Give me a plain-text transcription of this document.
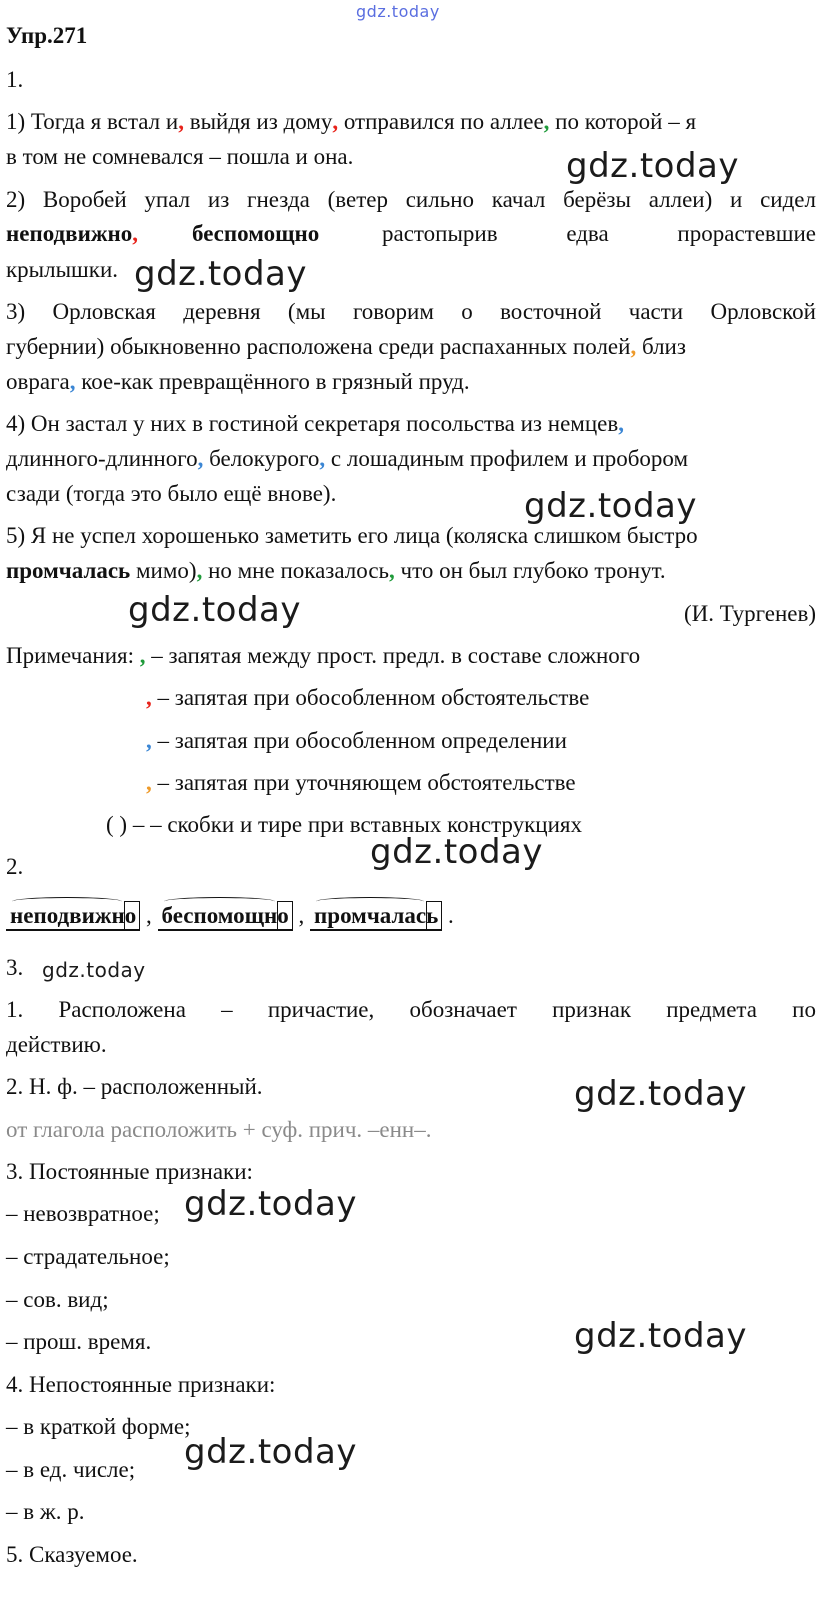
gdz.today
Упр.271
1.
1) Тогда я встал и, выйдя из дому, отправился по аллее, по которой – я
в том не сомневался – пошла и она.	gdz.today
2) Воробей упал из гнезда (ветер сильно качал берёзы аллеи) и сидел
неподвижно, беспомощно	растопырив едва прорастевшие
крылышки. gdz.today
3) Орловская деревня (мы говорим о восточной части Орловской
губернии) обыкновенно расположена среди распаханных полей, близ
оврага, кое-как превращённого в грязный пруд.
4) Он застал у них в гостиной секретаря посольства из немцев,
длинного-длинного, белокурого, с лошадиным профилем и пробором
сзади (тогда это было ещё внове).	gdz.today
5) Я не успел хорошенько заметить его лица (коляска слишком быстро
промчалась мимо), но мне показалось, что он был глубоко тронут.
gdz.today	(И. Тургенев)
Примечания: , – запятая между прост. предл. в составе сложного
, – запятая при обособленном обстоятельстве
, – запятая при обособленном определении
, – запятая при уточняющем обстоятельстве
( ) – – скобки и тире при вставных конструкциях
gdz.today
2.
неподвижно , беспомощно , промчалась .
3. gdz.today
1. Расположена – причастие, обозначает признак предмета по
действию.
2. Н. ф. – расположенный.	gdz.today
от глагола расположить + суф. прич. –енн–.
3. Постоянные признаки:
– невозвратное; gdz.today
– страдательное;
– сов. вид;
– прош. время.	gdz.today
4. Непостоянные признаки:
– в краткой форме;
gdz.today
– в ед. числе;
– в ж. р.
5. Сказуемое.
